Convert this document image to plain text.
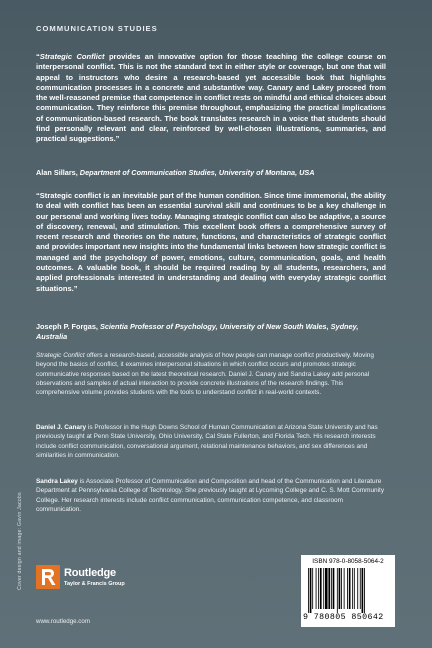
COMMUNICATION STUDIES
“Strategic Conflict provides an innovative option for those teaching the college course on interpersonal conflict. This is not the standard text in either style or coverage, but one that will appeal to instructors who desire a research-based yet accessible book that highlights communication processes in a concrete and substantive way. Canary and Lakey proceed from the well-reasoned premise that competence in conflict rests on mindful and ethical choices about communication. They reinforce this premise throughout, emphasizing the practical implications of communication-based research. The book translates research in a voice that students should find personally relevant and clear, reinforced by well-chosen illustrations, summaries, and practical suggestions.”
Alan Sillars, Department of Communication Studies, University of Montana, USA
“Strategic conflict is an inevitable part of the human condition. Since time immemorial, the ability to deal with conflict has been an essential survival skill and continues to be a key challenge in our personal and working lives today. Managing strategic conflict can also be adaptive, a source of discovery, renewal, and stimulation. This excellent book offers a comprehensive survey of recent research and theories on the nature, functions, and characteristics of strategic conflict and provides important new insights into the fundamental links between how strategic conflict is managed and the psychology of power, emotions, culture, communication, goals, and health outcomes. A valuable book, it should be required reading by all students, researchers, and applied professionals interested in understanding and dealing with everyday strategic conflict situations.”
Joseph P. Forgas, Scientia Professor of Psychology, University of New South Wales, Sydney, Australia
Strategic Conflict offers a research-based, accessible analysis of how people can manage conflict productively. Moving beyond the basics of conflict, it examines interpersonal situations in which conflict occurs and promotes strategic communicative responses based on the latest theoretical research. Daniel J. Canary and Sandra Lakey add personal observations and samples of actual interaction to provide concrete illustrations of the research findings. This comprehensive volume provides students with the tools to understand conflict in real-world contexts.
Daniel J. Canary is Professor in the Hugh Downs School of Human Communication at Arizona State University and has previously taught at Penn State University, Ohio University, Cal State Fullerton, and Florida Tech. His research interests include conflict communication, conversational argument, relational maintenance behaviors, and sex differences and similarities in communication.
Sandra Lakey is Associate Professor of Communication and Composition and head of the Communication and Literature Department at Pennsylvania College of Technology. She previously taught at Lycoming College and C. S. Mott Community College. Her research interests include conflict communication, communication competence, and classroom communication.
Cover design and image: Gavin Jacobs	Routledge
Taylor & Francis Group
ISBN 978-0-8058-5064-2
9 780805 850642
www.routledge.com	an informa business
